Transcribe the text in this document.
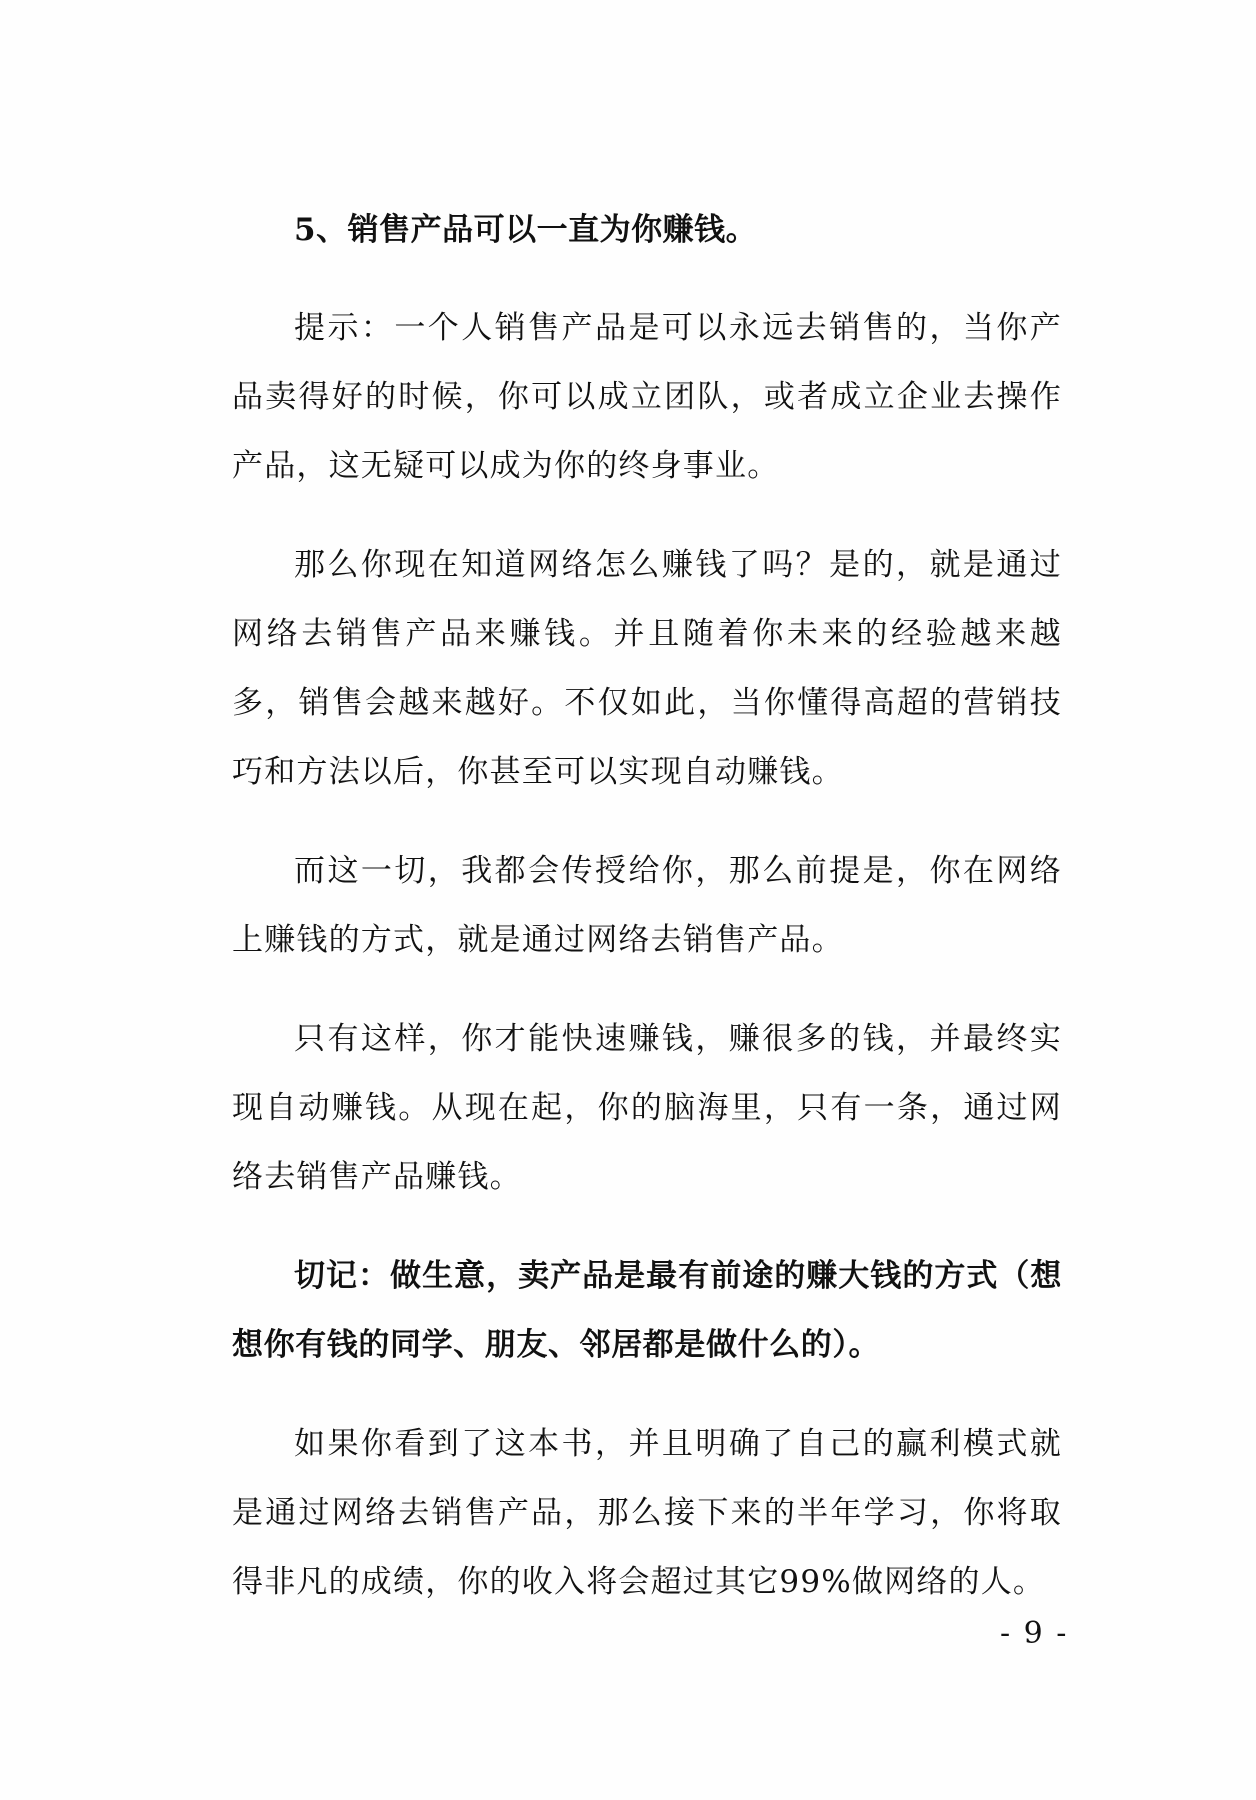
5、销售产品可以一直为你赚钱。

提示：一个人销售产品是可以永远去销售的，当你产品卖得好的时候，你可以成立团队，或者成立企业去操作产品，这无疑可以成为你的终身事业。

那么你现在知道网络怎么赚钱了吗？是的，就是通过网络去销售产品来赚钱。并且随着你未来的经验越来越多，销售会越来越好。不仅如此，当你懂得高超的营销技巧和方法以后，你甚至可以实现自动赚钱。

而这一切，我都会传授给你，那么前提是，你在网络上赚钱的方式，就是通过网络去销售产品。

只有这样，你才能快速赚钱，赚很多的钱，并最终实现自动赚钱。从现在起，你的脑海里，只有一条，通过网络去销售产品赚钱。

切记：做生意，卖产品是最有前途的赚大钱的方式（想想你有钱的同学、朋友、邻居都是做什么的）。

如果你看到了这本书，并且明确了自己的赢利模式就是通过网络去销售产品，那么接下来的半年学习，你将取得非凡的成绩，你的收入将会超过其它99%做网络的人。

- 9 -
